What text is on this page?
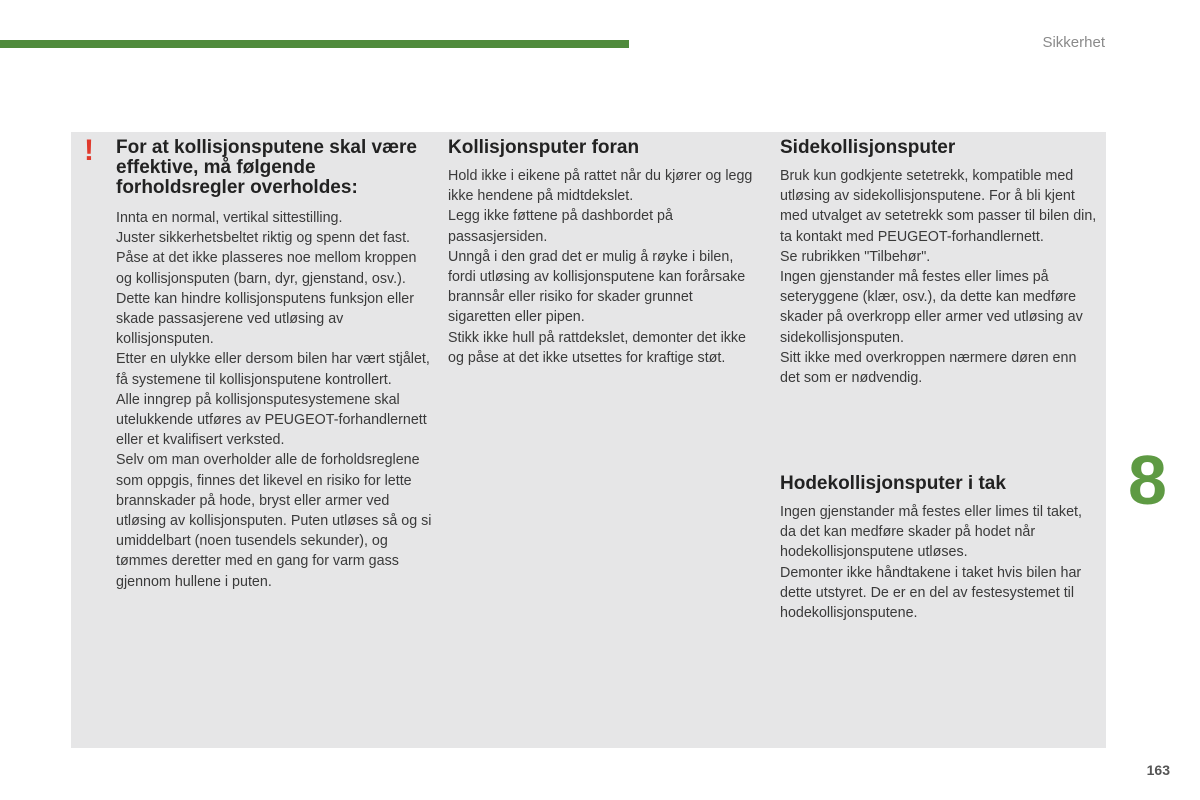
Sikkerhet
! For at kollisjonsputene skal være effektive, må følgende forholdsregler overholdes:
Innta en normal, vertikal sittestilling.
Juster sikkerhetsbeltet riktig og spenn det fast.
Påse at det ikke plasseres noe mellom kroppen og kollisjonsputen (barn, dyr, gjenstand, osv.). Dette kan hindre kollisjonsputens funksjon eller skade passasjerene ved utløsing av kollisjonsputen.
Etter en ulykke eller dersom bilen har vært stjålet, få systemene til kollisjonsputene kontrollert.
Alle inngrep på kollisjonsputesystemene skal utelukkende utføres av PEUGEOT-forhandlernett eller et kvalifisert verksted.
Selv om man overholder alle de forholdsreglene som oppgis, finnes det likevel en risiko for lette brannskader på hode, bryst eller armer ved utløsing av kollisjonsputen. Puten utløses så og si umiddelbart (noen tusendels sekunder), og tømmes deretter med en gang for varm gass gjennom hullene i puten.
Kollisjonsputer foran
Hold ikke i eikene på rattet når du kjører og legg ikke hendene på midtdekslet.
Legg ikke føttene på dashbordet på passasjersiden.
Unngå i den grad det er mulig å røyke i bilen, fordi utløsing av kollisjonsputene kan forårsake brannsår eller risiko for skader grunnet sigaretten eller pipen.
Stikk ikke hull på rattdekslet, demonter det ikke og påse at det ikke utsettes for kraftige støt.
Sidekollisjonsputer
Bruk kun godkjente setetrekk, kompatible med utløsing av sidekollisjonsputene. For å bli kjent med utvalget av setetrekk som passer til bilen din, ta kontakt med PEUGEOT-forhandlernett.
Se rubrikken "Tilbehør".
Ingen gjenstander må festes eller limes på seteryggene (klær, osv.), da dette kan medføre skader på overkropp eller armer ved utløsing av sidekollisjonsputen.
Sitt ikke med overkroppen nærmere døren enn det som er nødvendig.
Hodekollisjonsputer i tak
Ingen gjenstander må festes eller limes til taket, da det kan medføre skader på hodet når hodekollisjonsputene utløses.
Demonter ikke håndtakene i taket hvis bilen har dette utstyret. De er en del av festesystemet til hodekollisjonsputene.
8
163
